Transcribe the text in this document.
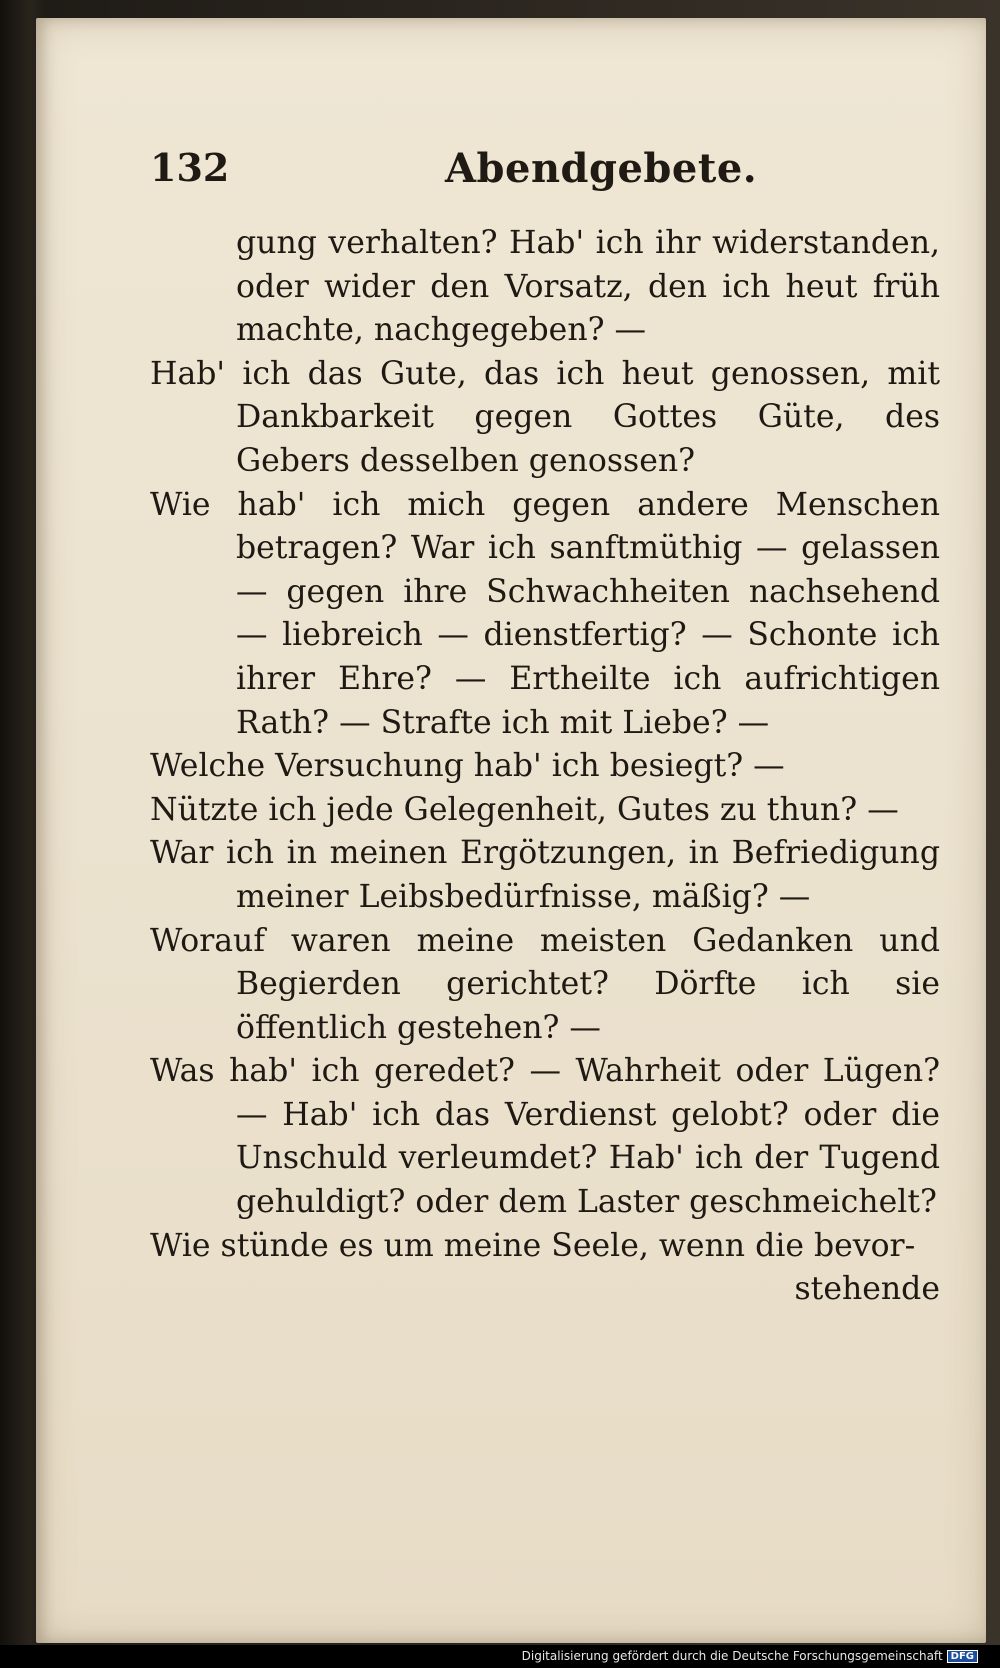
132	Abendgebete.

gung verhalten? Hab' ich ihr widerstanden, oder wider den Vorsatz, den ich heut früh machte, nachgegeben? —

Hab' ich das Gute, das ich heut genossen, mit Dankbarkeit gegen Gottes Güte, des Gebers desselben genossen?

Wie hab' ich mich gegen andere Menschen betragen? War ich sanftmüthig — gelassen — gegen ihre Schwachheiten nachsehend — liebreich — dienstfertig? — Schonte ich ihrer Ehre? — Ertheilte ich aufrichtigen Rath? — Strafte ich mit Liebe? —

Welche Versuchung hab' ich besiegt? —

Nützte ich jede Gelegenheit, Gutes zu thun? —

War ich in meinen Ergötzungen, in Befriedigung meiner Leibsbedürfnisse, mäßig? —

Worauf waren meine meisten Gedanken und Begierden gerichtet? Dörfte ich sie öffentlich gestehen? —

Was hab' ich geredet? — Wahrheit oder Lügen? — Hab' ich das Verdienst gelobt? oder die Unschuld verleumdet? Hab' ich der Tugend gehuldigt? oder dem Laster geschmeichelt?

Wie stünde es um meine Seele, wenn die bevor-
stehende

Digitalisierung gefördert durch die Deutsche Forschungsgemeinschaft DFG
